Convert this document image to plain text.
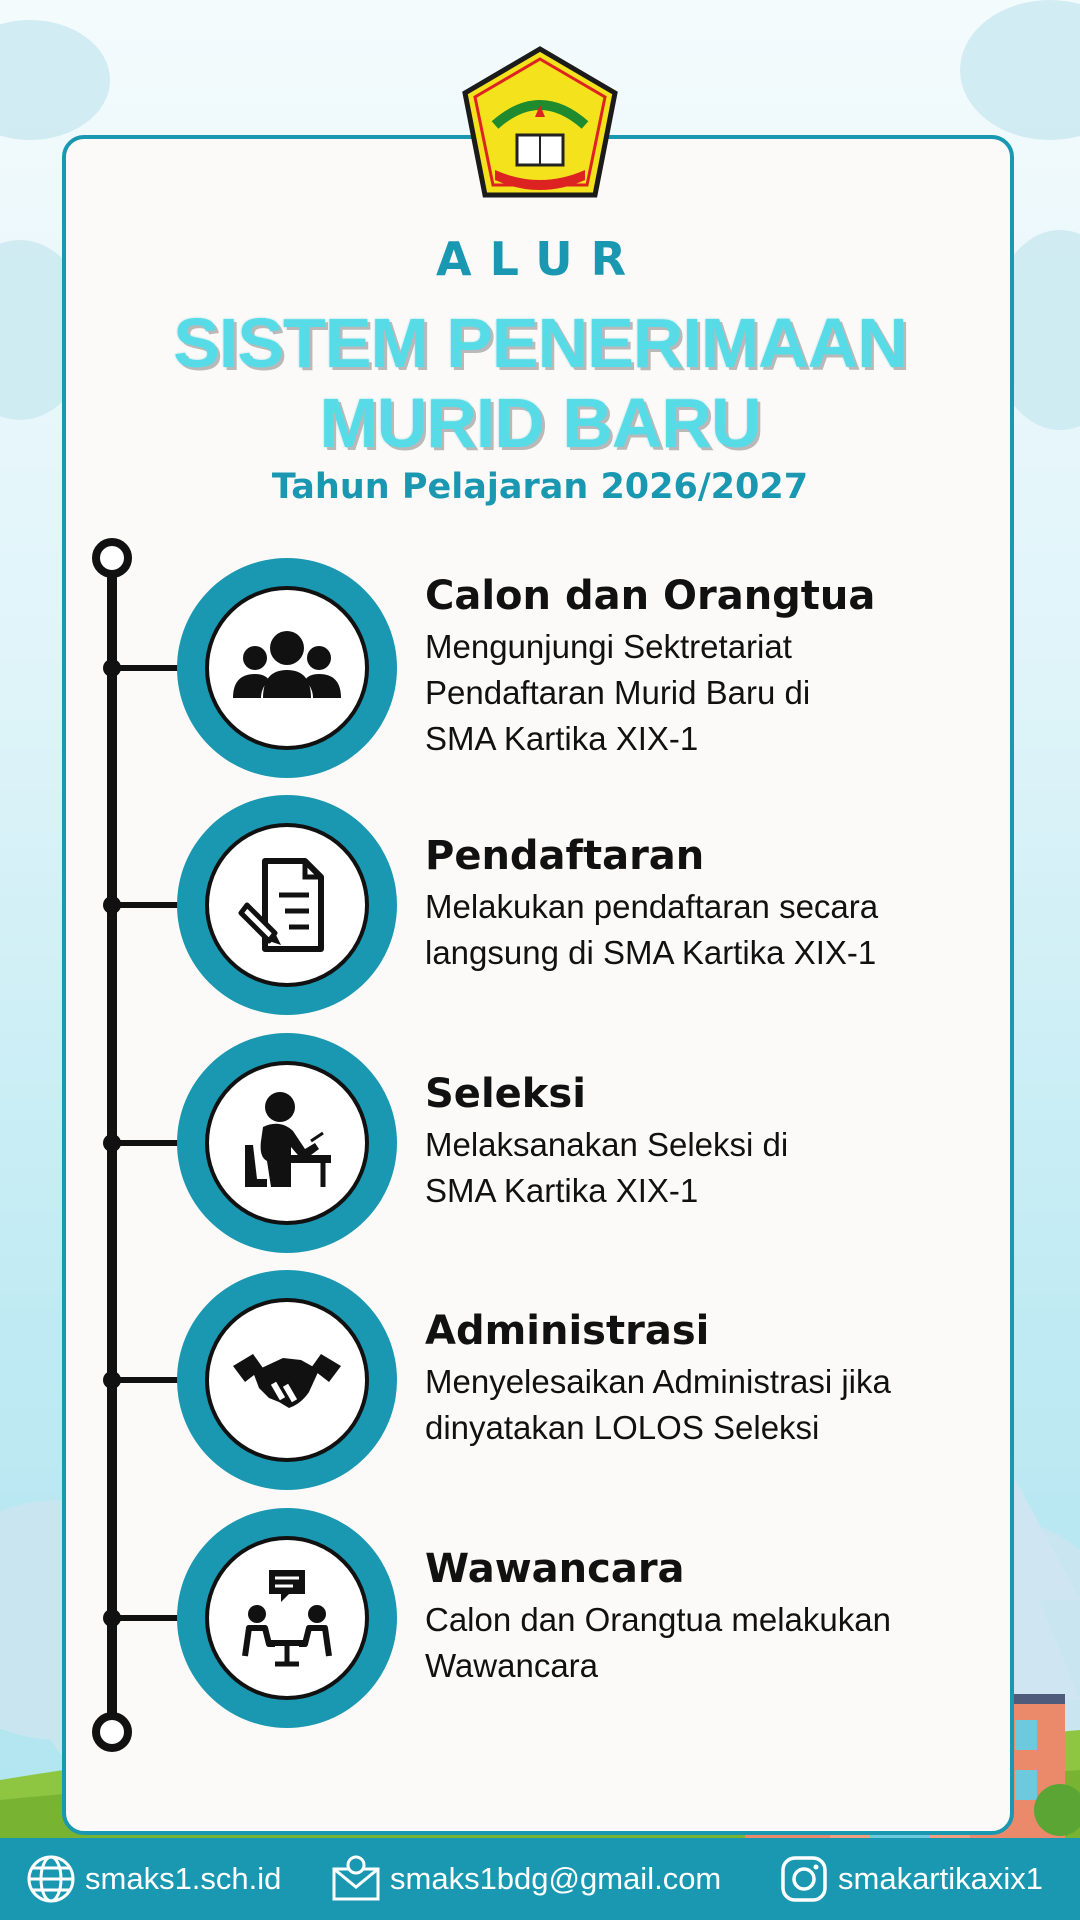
ALUR
SISTEM PENERIMAAN
MURID BARU
Tahun Pelajaran 2026/2027
Calon dan Orangtua
Mengunjungi Sektretariat
Pendaftaran Murid Baru di
SMA Kartika XIX-1
Pendaftaran
Melakukan pendaftaran secara
langsung di SMA Kartika XIX-1
Seleksi
Melaksanakan Seleksi di
SMA Kartika XIX-1
Administrasi
Menyelesaikan Administrasi jika
dinyatakan LOLOS Seleksi
Wawancara
Calon dan Orangtua melakukan
Wawancara
smaks1.sch.id	smaks1bdg@gmail.com	smakartikaxix1
